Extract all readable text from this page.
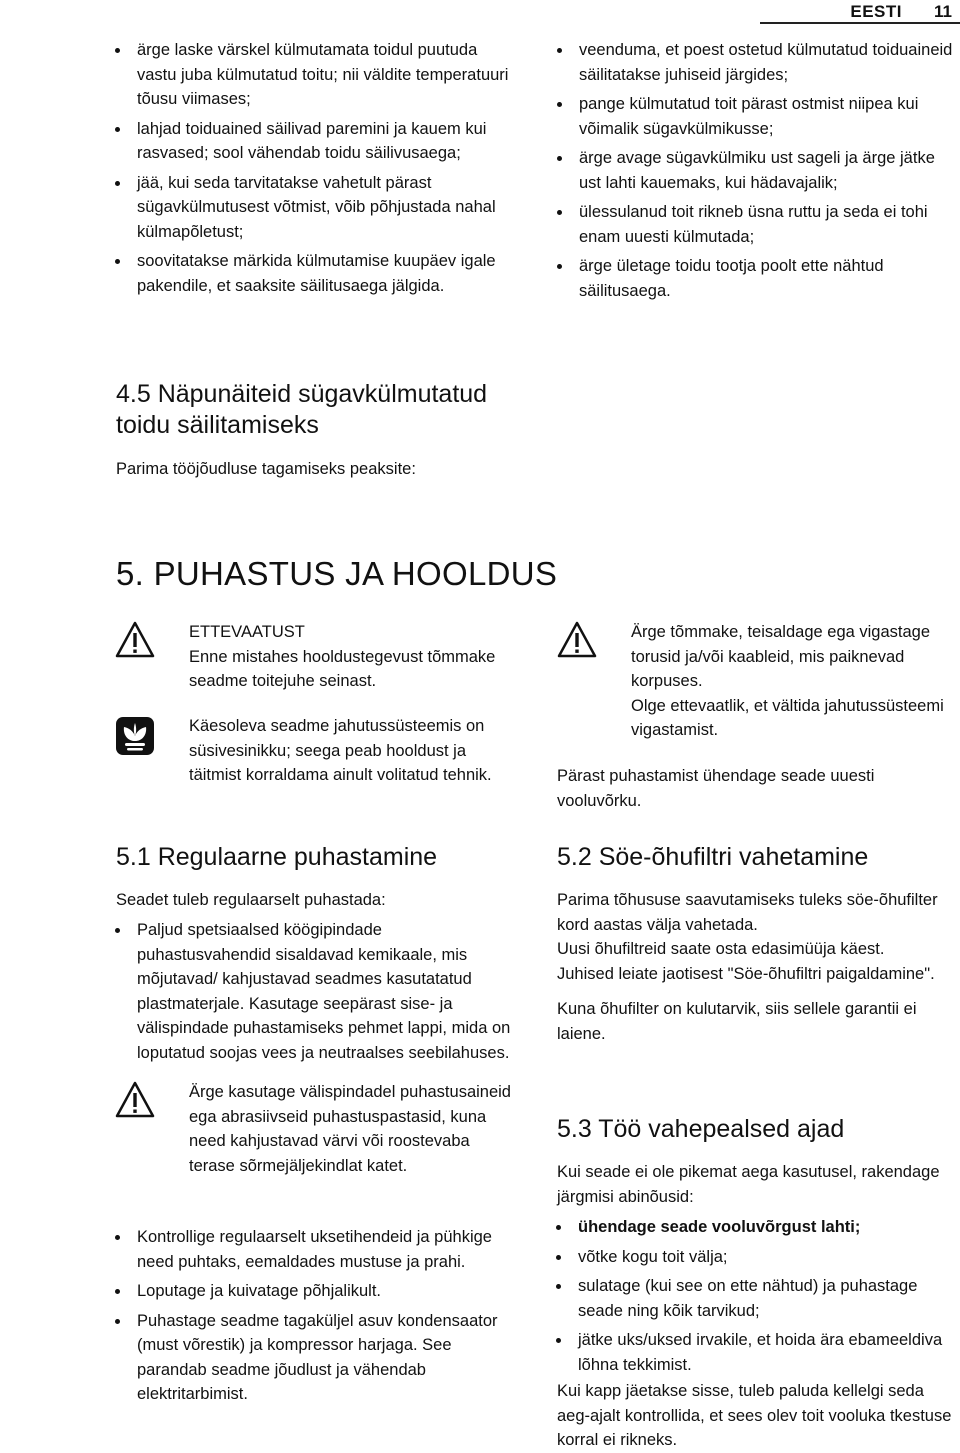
EESTI 11
ärge laske värskel külmutamata toidul puutuda vastu juba külmutatud toitu; nii väldite temperatuuri tõusu viimases;
lahjad toiduained säilivad paremini ja kauem kui rasvased; sool vähendab toidu säilivusaega;
jää, kui seda tarvitatakse vahetult pärast sügavkülmutusest võtmist, võib põhjustada nahal külmapõletust;
soovitatakse märkida külmutamise kuupäev igale pakendile, et saaksite säilitusaega jälgida.
veenduma, et poest ostetud külmutatud toiduaineid säilitatakse juhiseid järgides;
pange külmutatud toit pärast ostmist niipea kui võimalik sügavkülmikusse;
ärge avage sügavkülmiku ust sageli ja ärge jätke ust lahti kauemaks, kui hädavajalik;
ülessulanud toit rikneb üsna ruttu ja seda ei tohi enam uuesti külmutada;
ärge ületage toidu tootja poolt ette nähtud säilitusaega.
4.5 Näpunäiteid sügavkülmutatud toidu säilitamiseks

Parima tööjõudluse tagamiseks peaksite:

5. PUHASTUS JA HOOLDUS
ETTEVAATUST
Enne mistahes hooldustegevust tõmmake seadme toitejuhe seinast.
Käesoleva seadme jahutussüsteemis on süsivesinikku; seega peab hooldust ja täitmist korraldama ainult volitatud tehnik.
Ärge tõmmake, teisaldage ega vigastage torusid ja/või kaableid, mis paiknevad korpuses.
Olge ettevaatlik, et vältida jahutussüsteemi vigastamist.

Pärast puhastamist ühendage seade uuesti vooluvõrku.

5.1 Regulaarne puhastamine

Seadet tuleb regulaarselt puhastada:

Paljud spetsiaalsed köögipindade puhastusvahendid sisaldavad kemikaale, mis mõjutavad/ kahjustavad seadmes kasutatatud plastmaterjale. Kasutage seepärast sise- ja välispindade puhastamiseks pehmet lappi, mida on loputatud soojas vees ja neutraalses seebilahuses.
Ärge kasutage välispindadel puhastusaineid ega abrasiivseid puhastuspastasid, kuna need kahjustavad värvi või roostevaba terase sõrmejäljekindlat katet.
Kontrollige regulaarselt uksetihendeid ja pühkige need puhtaks, eemaldades mustuse ja prahi.
Loputage ja kuivatage põhjalikult.
Puhastage seadme tagaküljel asuv kondensaator (must võrestik) ja kompressor harjaga. See parandab seadme jõudlust ja vähendab elektritarbimist.
5.2 Söe-õhufiltri vahetamine

Parima tõhususe saavutamiseks tuleks söe-õhufilter kord aastas välja vahetada.

Uusi õhufiltreid saate osta edasimüüja käest.

Juhised leiate jaotisest "Söe-õhufiltri paigaldamine".

Kuna õhufilter on kulutarvik, siis sellele garantii ei laiene.

5.3 Töö vahepealsed ajad

Kui seade ei ole pikemat aega kasutusel, rakendage järgmisi abinõusid:

ühendage seade vooluvõrgust lahti;
võtke kogu toit välja;
sulatage (kui see on ette nähtud) ja puhastage seade ning kõik tarvikud;
jätke uks/uksed irvakile, et hoida ära ebameeldiva lõhna tekkimist.

Kui kapp jäetakse sisse, tuleb paluda kellelgi seda aeg-ajalt kontrollida, et sees olev toit vooluka tkestuse korral ei rikneks.
